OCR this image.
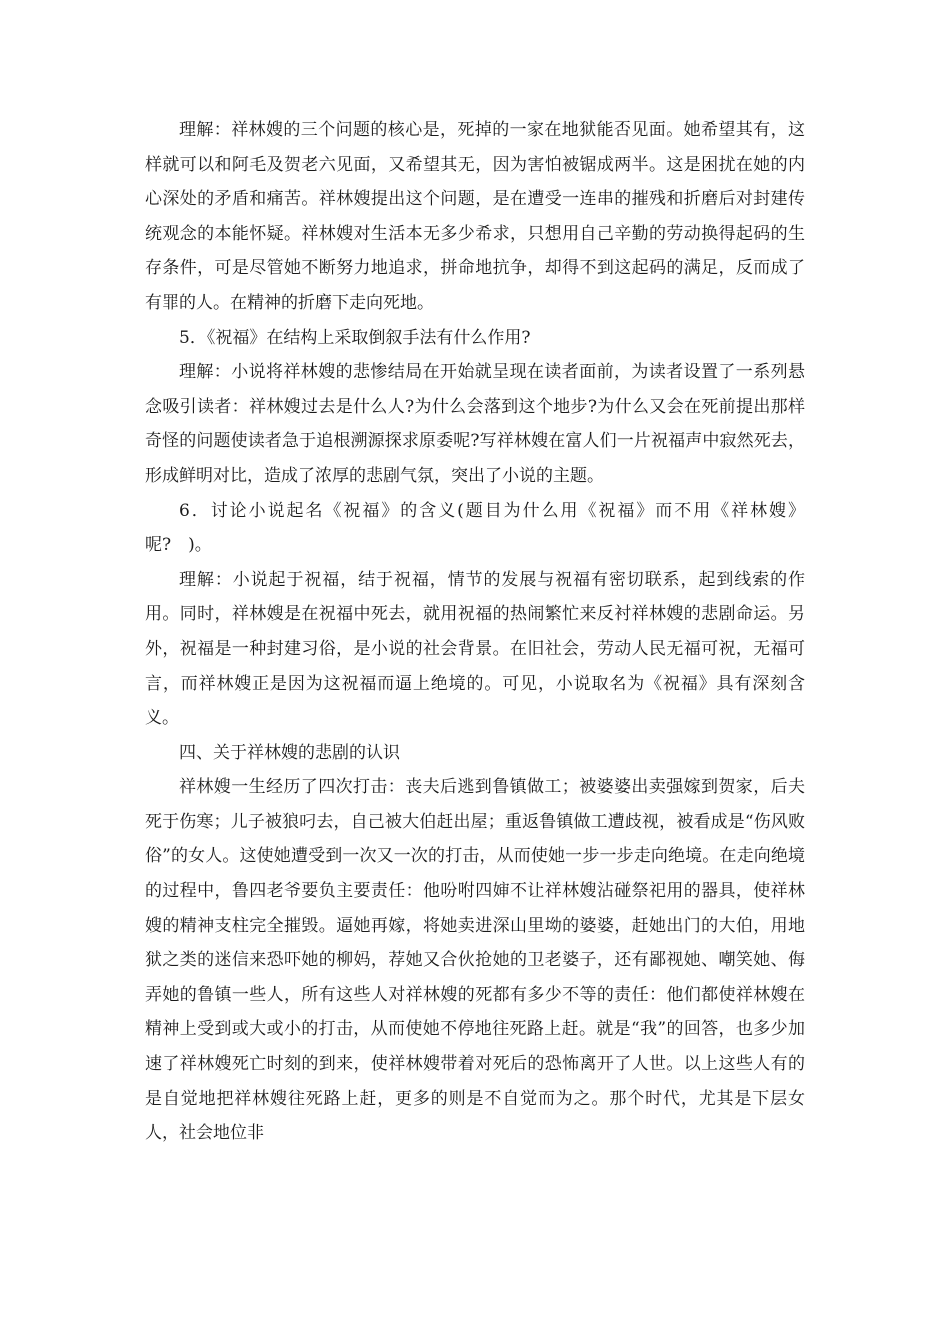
理解：祥林嫂的三个问题的核心是，死掉的一家在地狱能否见面。她希望其有，这样就可以和阿毛及贺老六见面，又希望其无，因为害怕被锯成两半。这是困扰在她的内心深处的矛盾和痛苦。祥林嫂提出这个问题，是在遭受一连串的摧残和折磨后对封建传统观念的本能怀疑。祥林嫂对生活本无多少希求，只想用自己辛勤的劳动换得起码的生存条件，可是尽管她不断努力地追求，拼命地抗争，却得不到这起码的满足，反而成了有罪的人。在精神的折磨下走向死地。

5．《祝福》在结构上采取倒叙手法有什么作用?

理解：小说将祥林嫂的悲惨结局在开始就呈现在读者面前，为读者设置了一系列悬念吸引读者：祥林嫂过去是什么人?为什么会落到这个地步?为什么又会在死前提出那样奇怪的问题使读者急于追根溯源探求原委呢?写祥林嫂在富人们一片祝福声中寂然死去，形成鲜明对比，造成了浓厚的悲剧气氛，突出了小说的主题。

6．讨论小说起名《祝福》的含义(题目为什么用《祝福》而不用《祥林嫂》呢?　)。

理解：小说起于祝福，结于祝福，情节的发展与祝福有密切联系，起到线索的作用。同时，祥林嫂是在祝福中死去，就用祝福的热闹繁忙来反衬祥林嫂的悲剧命运。另外，祝福是一种封建习俗，是小说的社会背景。在旧社会，劳动人民无福可祝，无福可言，而祥林嫂正是因为这祝福而逼上绝境的。可见，小说取名为《祝福》具有深刻含义。

四、关于祥林嫂的悲剧的认识

祥林嫂一生经历了四次打击：丧夫后逃到鲁镇做工；被婆婆出卖强嫁到贺家，后夫死于伤寒；儿子被狼叼去，自己被大伯赶出屋；重返鲁镇做工遭歧视，被看成是“伤风败俗”的女人。这使她遭受到一次又一次的打击，从而使她一步一步走向绝境。在走向绝境的过程中，鲁四老爷要负主要责任：他吩咐四婶不让祥林嫂沾碰祭祀用的器具，使祥林嫂的精神支柱完全摧毁。逼她再嫁，将她卖进深山里坳的婆婆，赶她出门的大伯，用地狱之类的迷信来恐吓她的柳妈，荐她又合伙抢她的卫老婆子，还有鄙视她、嘲笑她、侮弄她的鲁镇一些人，所有这些人对祥林嫂的死都有多少不等的责任：他们都使祥林嫂在精神上受到或大或小的打击，从而使她不停地往死路上赶。就是“我”的回答，也多少加速了祥林嫂死亡时刻的到来，使祥林嫂带着对死后的恐怖离开了人世。以上这些人有的是自觉地把祥林嫂往死路上赶，更多的则是不自觉而为之。那个时代，尤其是下层女人，社会地位非
